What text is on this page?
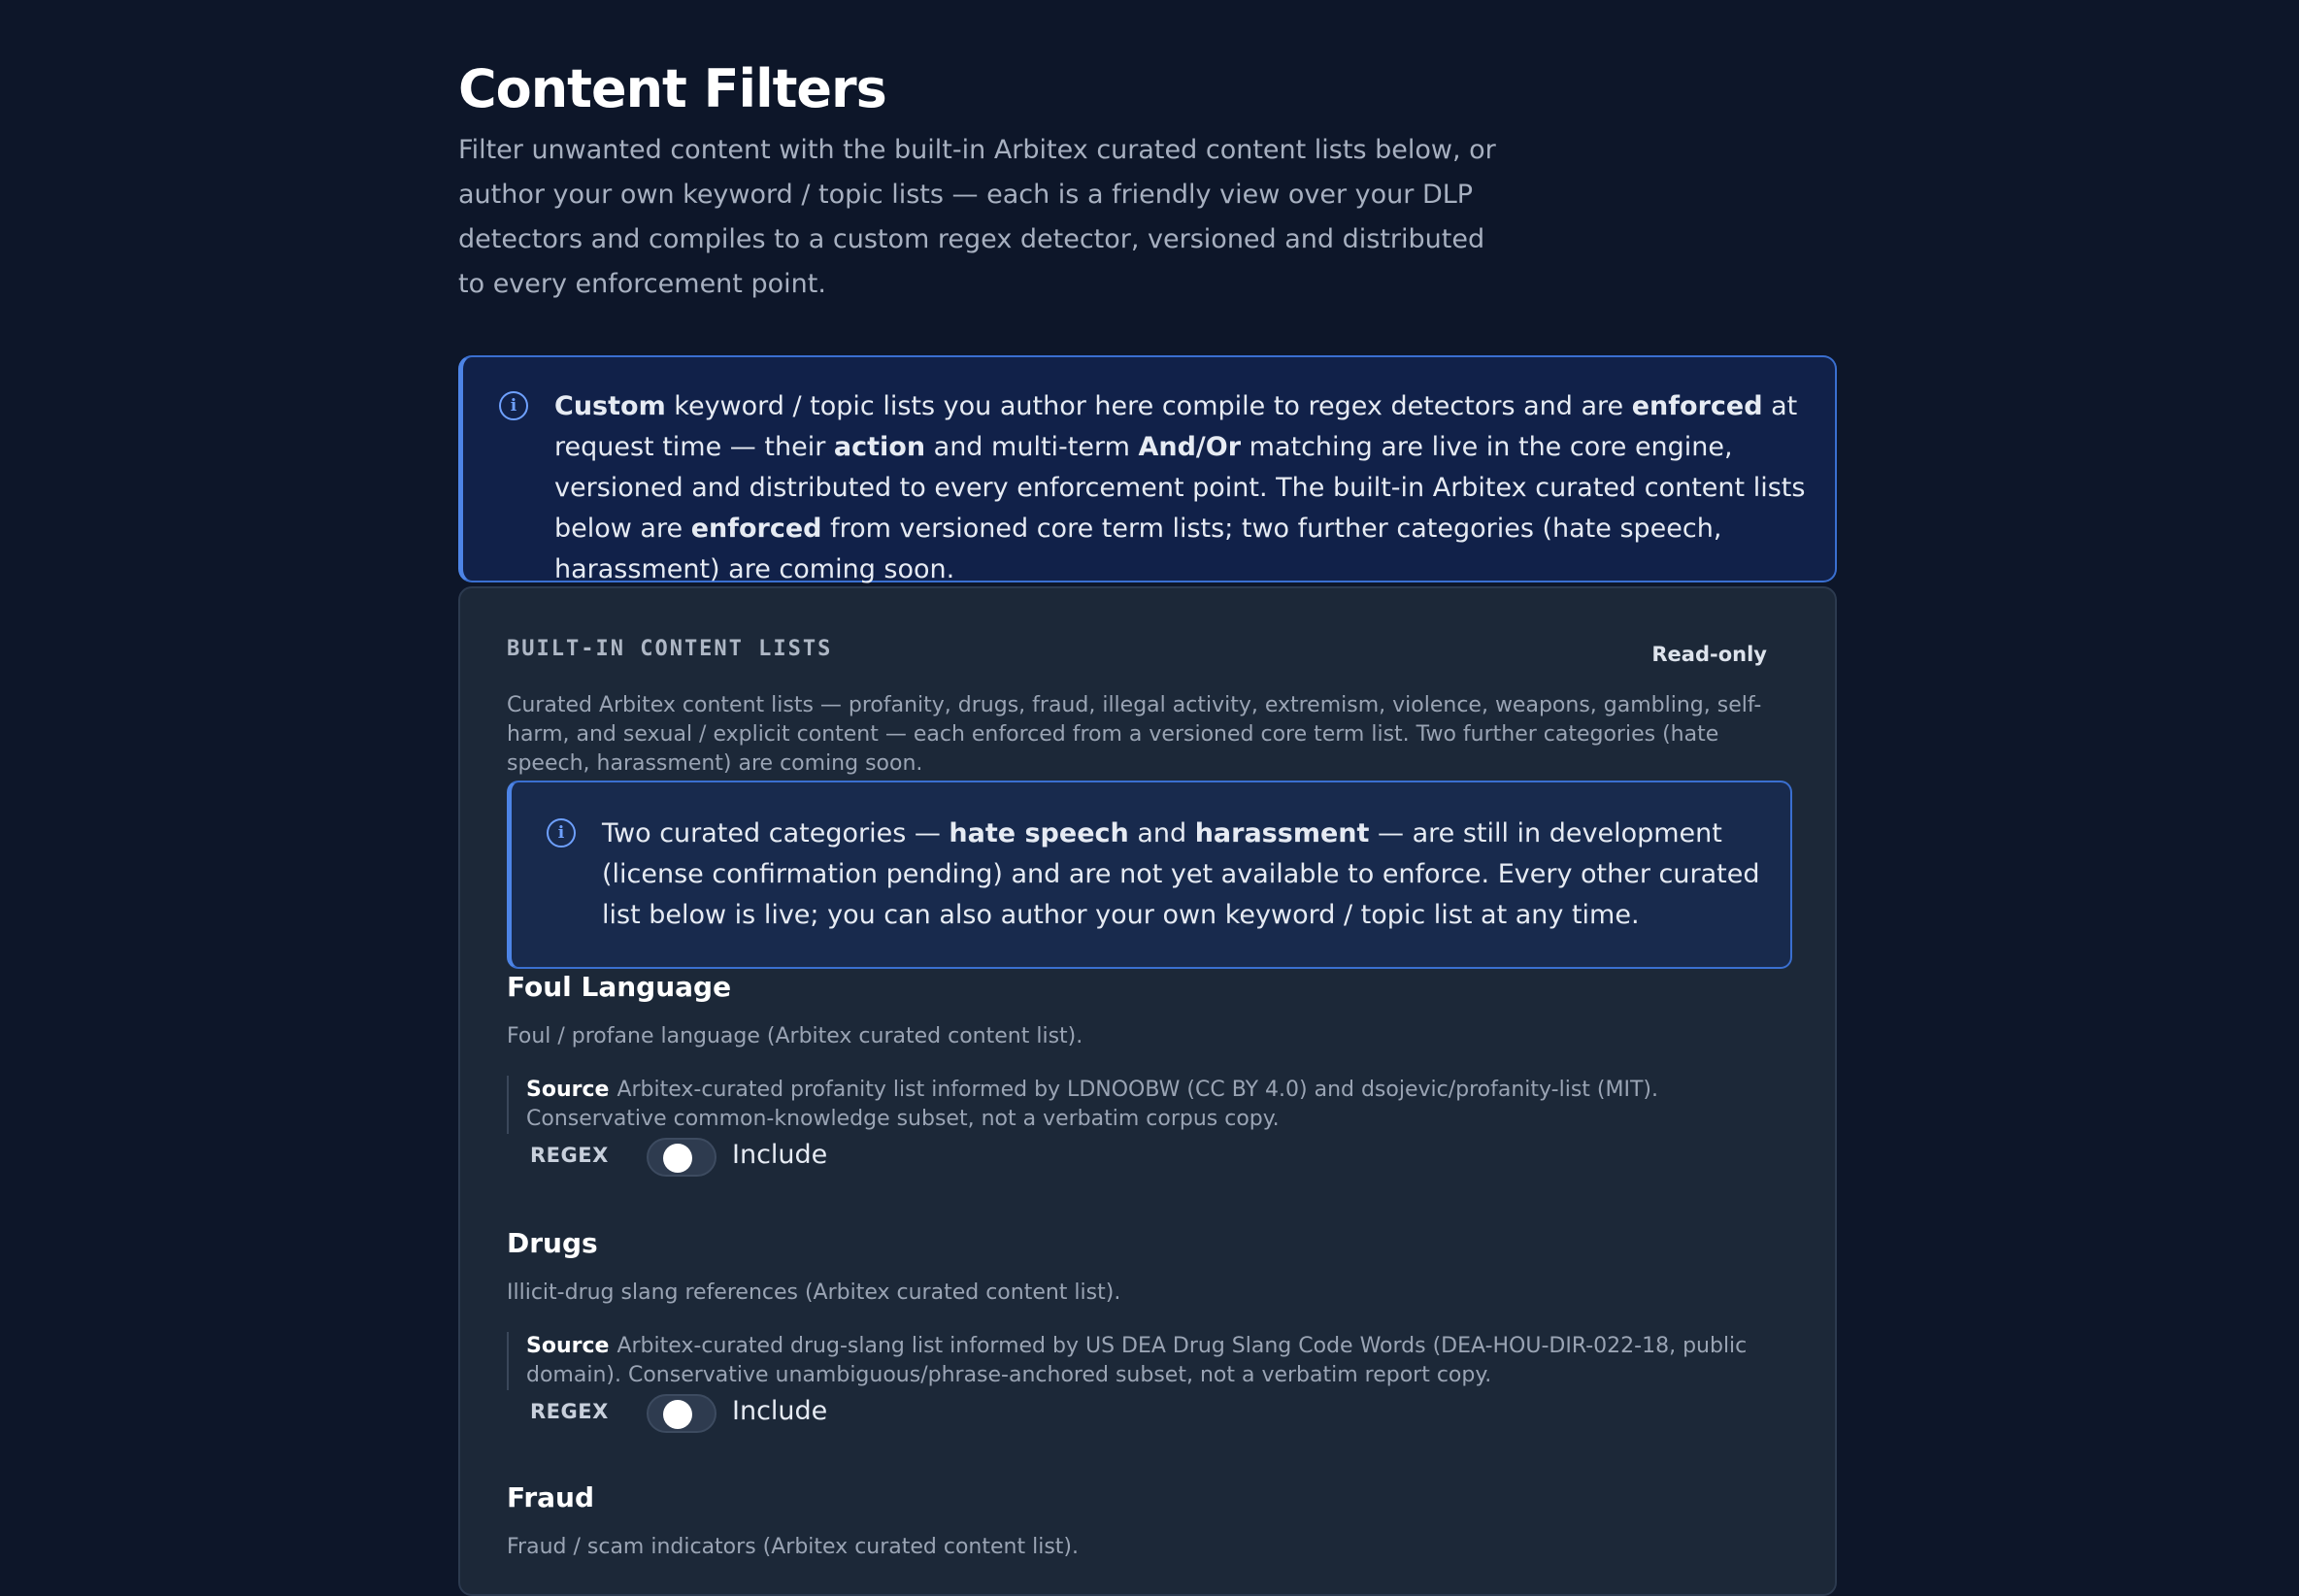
Content Filters

Filter unwanted content with the built-in Arbitex curated content lists below, or author your own keyword / topic lists — each is a friendly view over your DLP detectors and compiles to a custom regex detector, versioned and distributed to every enforcement point.

i	Custom keyword / topic lists you author here compile to regex detectors and are enforced at request time — their action and multi-term And/Or matching are live in the core engine, versioned and distributed to every enforcement point. The built-in Arbitex curated content lists below are enforced from versioned core term lists; two further categories (hate speech, harassment) are coming soon.

BUILT-IN CONTENT LISTS	Read-only

Curated Arbitex content lists — profanity, drugs, fraud, illegal activity, extremism, violence, weapons, gambling, self-harm, and sexual / explicit content — each enforced from a versioned core term list. Two further categories (hate speech, harassment) are coming soon.

i	Two curated categories — hate speech and harassment — are still in development (license confirmation pending) and are not yet available to enforce. Every other curated list below is live; you can also author your own keyword / topic list at any time.

Foul Language
Foul / profane language (Arbitex curated content list).
Source Arbitex-curated profanity list informed by LDNOOBW (CC BY 4.0) and dsojevic/profanity-list (MIT). Conservative common-knowledge subset, not a verbatim corpus copy.
REGEX	Include
Drugs
Illicit-drug slang references (Arbitex curated content list).
Source Arbitex-curated drug-slang list informed by US DEA Drug Slang Code Words (DEA-HOU-DIR-022-18, public domain). Conservative unambiguous/phrase-anchored subset, not a verbatim report copy.
REGEX	Include
Fraud
Fraud / scam indicators (Arbitex curated content list).
